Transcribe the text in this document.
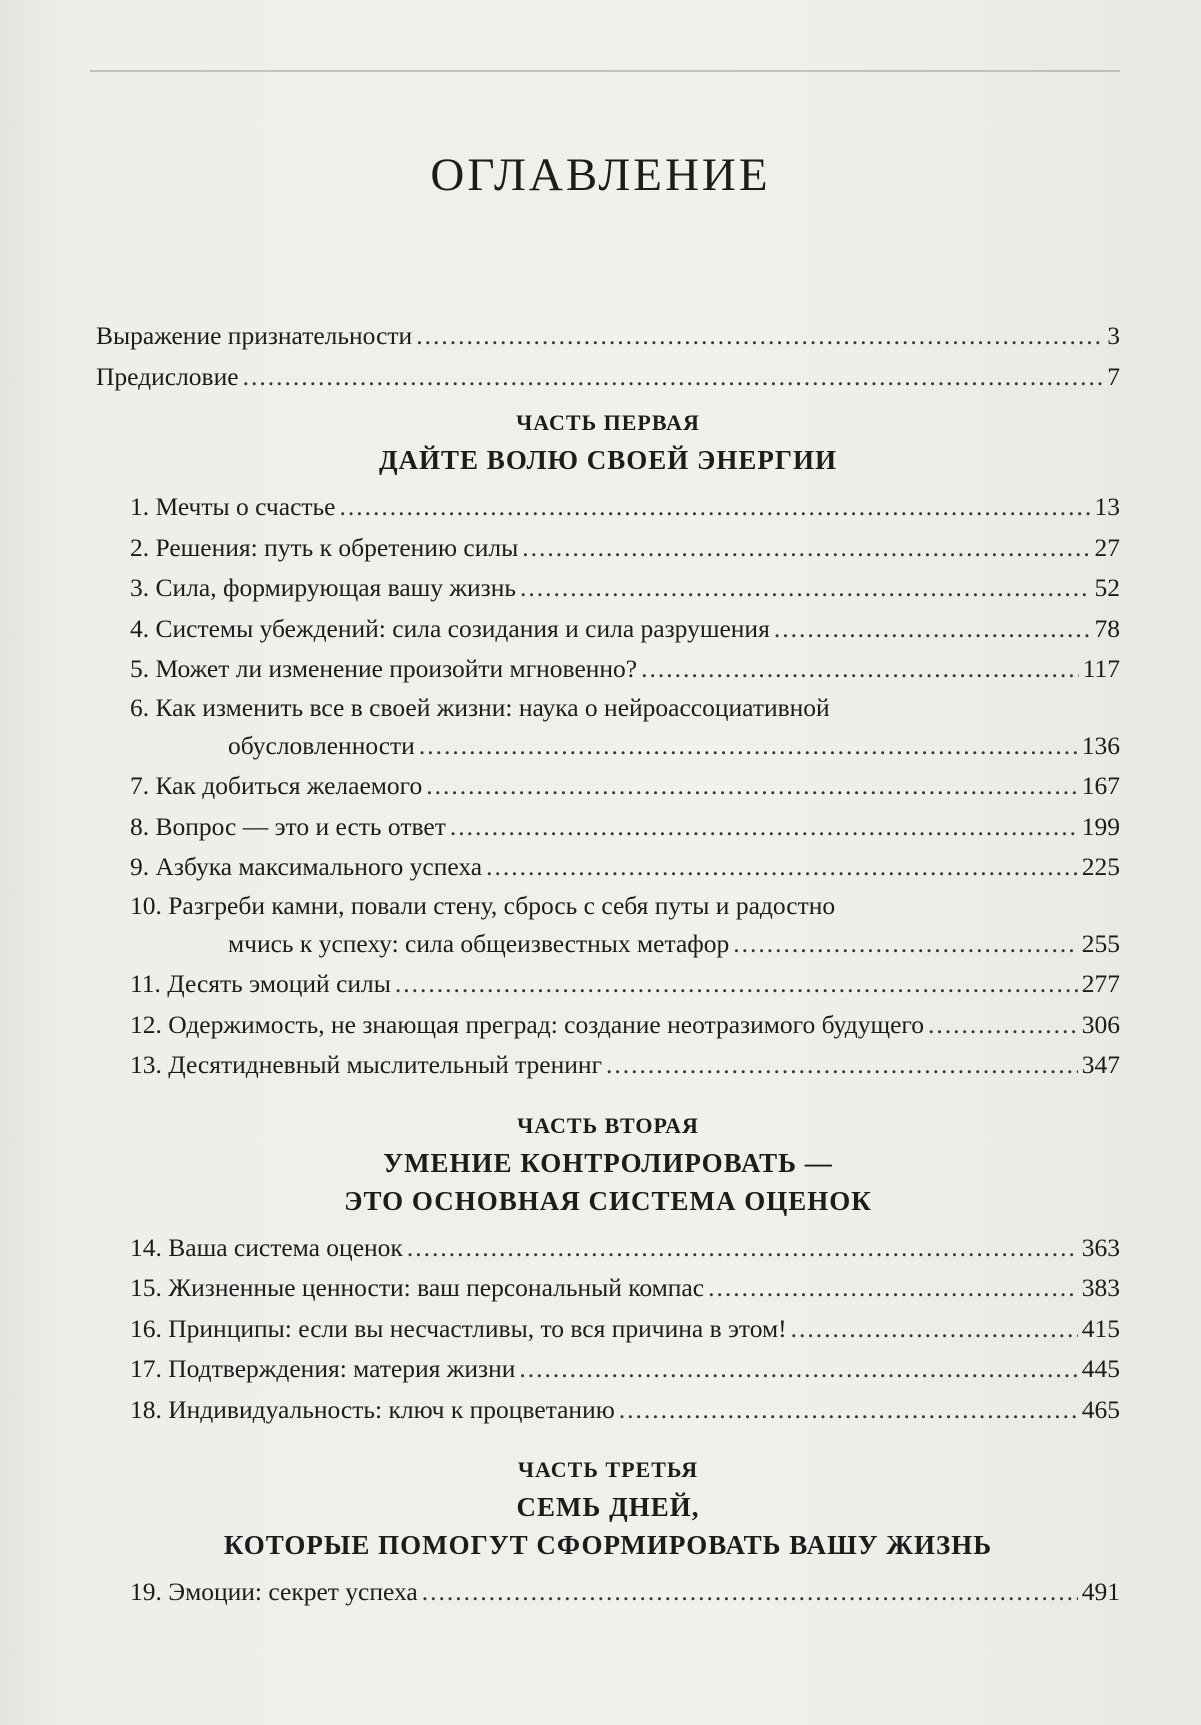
ОГЛАВЛЕНИЕ
Выражение признательности .....	3
Предисловие .....	7
ЧАСТЬ ПЕРВАЯ
ДАЙТЕ ВОЛЮ СВОЕЙ ЭНЕРГИИ
1. Мечты о счастье .....	13
2. Решения: путь к обретению силы .....	27
3. Сила, формирующая вашу жизнь .....	52
4. Системы убеждений: сила созидания и сила разрушения .....	78
5. Может ли изменение произойти мгновенно? .....	117
6. Как изменить все в своей жизни: наука о нейроассоциативной
обусловленности .....	136
7. Как добиться желаемого .....	167
8. Вопрос — это и есть ответ .....	199
9. Азбука максимального успеха .....	225
10. Разгреби камни, повали стену, сбрось с себя путы и радостно
мчись к успеху: сила общеизвестных метафор .....	255
11. Десять эмоций силы .....	277
12. Одержимость, не знающая преград: создание неотразимого будущего .....	306
13. Десятидневный мыслительный тренинг .....	347
ЧАСТЬ ВТОРАЯ
УМЕНИЕ КОНТРОЛИРОВАТЬ —
ЭТО ОСНОВНАЯ СИСТЕМА ОЦЕНОК
14. Ваша система оценок .....	363
15. Жизненные ценности: ваш персональный компас .....	383
16. Принципы: если вы несчастливы, то вся причина в этом! .....	415
17. Подтверждения: материя жизни .....	445
18. Индивидуальность: ключ к процветанию .....	465
ЧАСТЬ ТРЕТЬЯ
СЕМЬ ДНЕЙ,
КОТОРЫЕ ПОМОГУТ СФОРМИРОВАТЬ ВАШУ ЖИЗНЬ
19. Эмоции: секрет успеха .....	491
